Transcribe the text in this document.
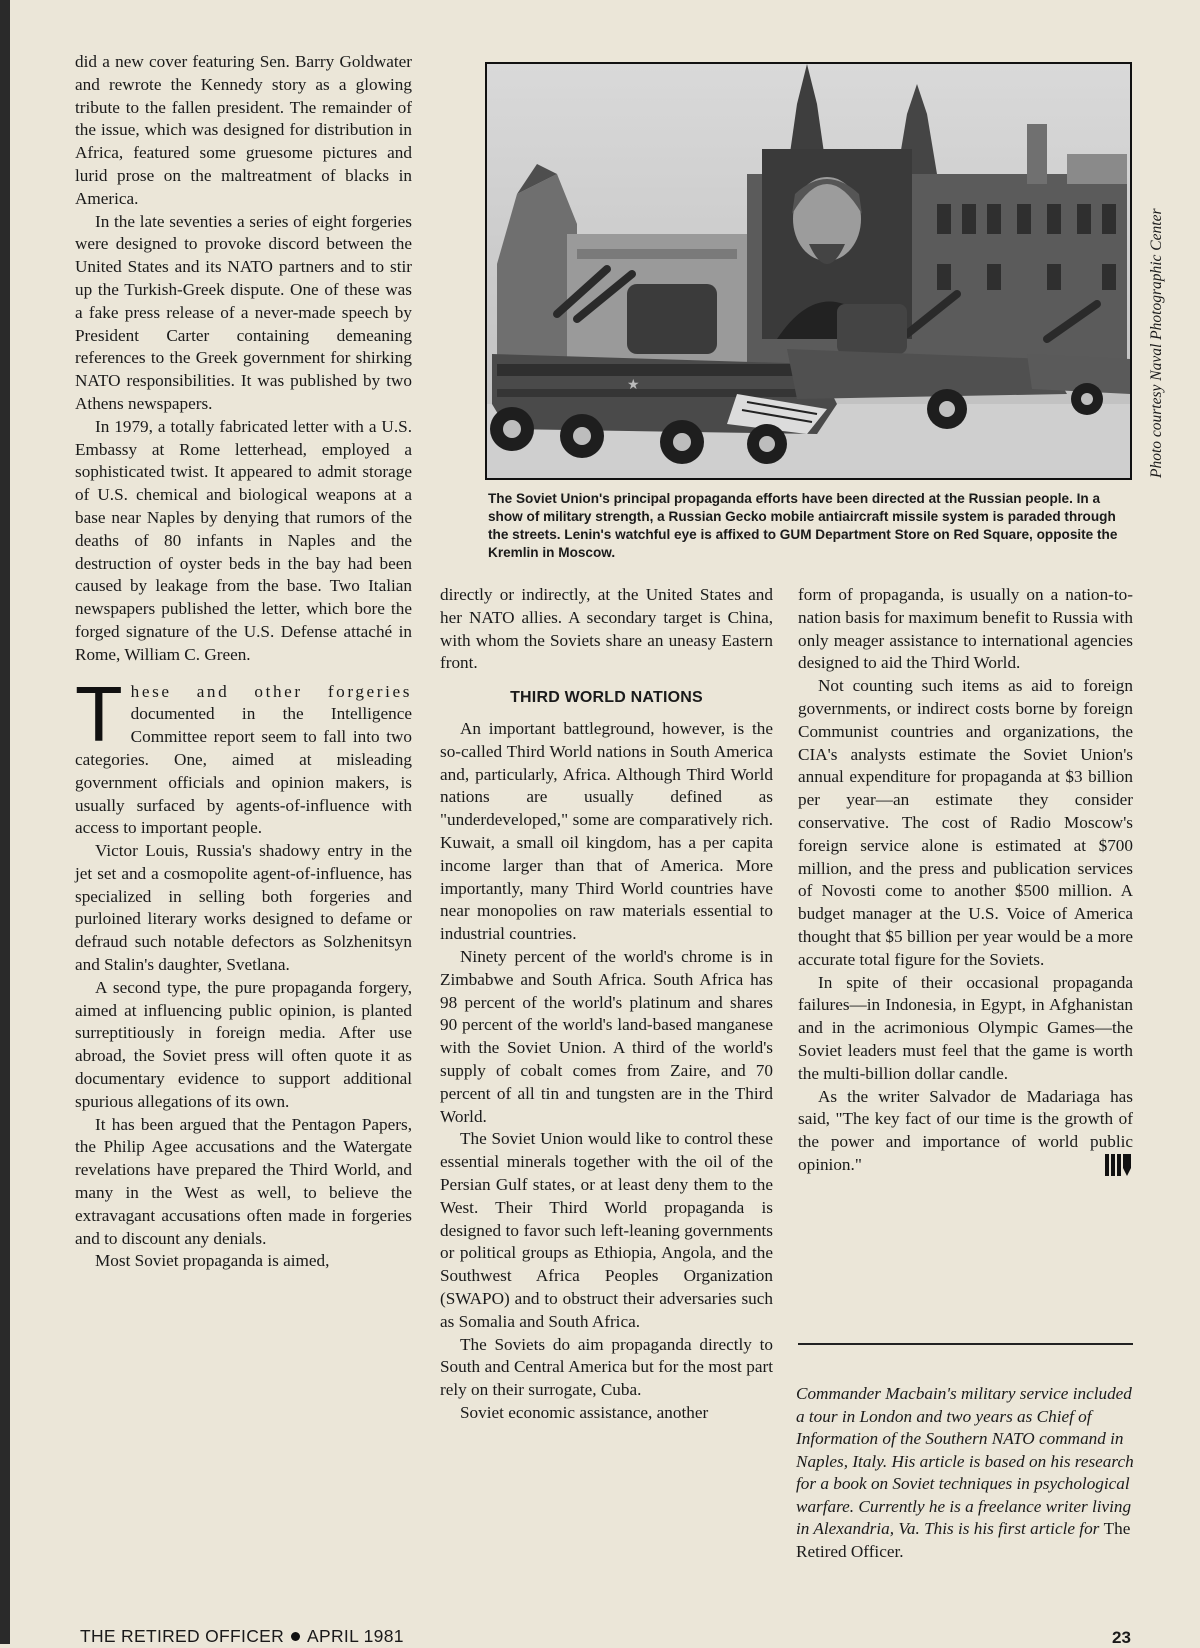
did a new cover featuring Sen. Barry Goldwater and rewrote the Kennedy story as a glowing tribute to the fallen president. The remainder of the issue, which was designed for distribution in Africa, featured some gruesome pictures and lurid prose on the maltreatment of blacks in America.

In the late seventies a series of eight forgeries were designed to provoke discord between the United States and its NATO partners and to stir up the Turkish-Greek dispute. One of these was a fake press release of a never-made speech by President Carter containing demeaning references to the Greek government for shirking NATO responsibilities. It was published by two Athens newspapers.

In 1979, a totally fabricated letter with a U.S. Embassy at Rome letterhead, employed a sophisticated twist. It appeared to admit storage of U.S. chemical and biological weapons at a base near Naples by denying that rumors of the deaths of 80 infants in Naples and the destruction of oyster beds in the bay had been caused by leakage from the base. Two Italian newspapers published the letter, which bore the forged signature of the U.S. Defense attaché in Rome, William C. Green.

These and other forgeries documented in the Intelligence Committee report seem to fall into two categories. One, aimed at misleading government officials and opinion makers, is usually surfaced by agents-of-influence with access to important people.

Victor Louis, Russia's shadowy entry in the jet set and a cosmopolite agent-of-influence, has specialized in selling both forgeries and purloined literary works designed to defame or defraud such notable defectors as Solzhenitsyn and Stalin's daughter, Svetlana.

A second type, the pure propaganda forgery, aimed at influencing public opinion, is planted surreptitiously in foreign media. After use abroad, the Soviet press will often quote it as documentary evidence to support additional spurious allegations of its own.

It has been argued that the Pentagon Papers, the Philip Agee accusations and the Watergate revelations have prepared the Third World, and many in the West as well, to believe the extravagant accusations often made in forgeries and to discount any denials.

Most Soviet propaganda is aimed,

★	Photo courtesy Naval Photographic Center
The Soviet Union's principal propaganda efforts have been directed at the Russian people. In a show of military strength, a Russian Gecko mobile antiaircraft missile system is paraded through the streets. Lenin's watchful eye is affixed to GUM Department Store on Red Square, opposite the Kremlin in Moscow.

directly or indirectly, at the United States and her NATO allies. A secondary target is China, with whom the Soviets share an uneasy Eastern front.

THIRD WORLD NATIONS

An important battleground, however, is the so-called Third World nations in South America and, particularly, Africa. Although Third World nations are usually defined as "underdeveloped," some are comparatively rich. Kuwait, a small oil kingdom, has a per capita income larger than that of America. More importantly, many Third World countries have near monopolies on raw materials essential to industrial countries.

Ninety percent of the world's chrome is in Zimbabwe and South Africa. South Africa has 98 percent of the world's platinum and shares 90 percent of the world's land-based manganese with the Soviet Union. A third of the world's supply of cobalt comes from Zaire, and 70 percent of all tin and tungsten are in the Third World.

The Soviet Union would like to control these essential minerals together with the oil of the Persian Gulf states, or at least deny them to the West. Their Third World propaganda is designed to favor such left-leaning governments or political groups as Ethiopia, Angola, and the Southwest Africa Peoples Organization (SWAPO) and to obstruct their adversaries such as Somalia and South Africa.

The Soviets do aim propaganda directly to South and Central America but for the most part rely on their surrogate, Cuba.

Soviet economic assistance, another

form of propaganda, is usually on a nation-to-nation basis for maximum benefit to Russia with only meager assistance to international agencies designed to aid the Third World.

Not counting such items as aid to foreign governments, or indirect costs borne by foreign Communist countries and organizations, the CIA's analysts estimate the Soviet Union's annual expenditure for propaganda at $3 billion per year—an estimate they consider conservative. The cost of Radio Moscow's foreign service alone is estimated at $700 million, and the press and publication services of Novosti come to another $500 million. A budget manager at the U.S. Voice of America thought that $5 billion per year would be a more accurate total figure for the Soviets.

In spite of their occasional propaganda failures—in Indonesia, in Egypt, in Afghanistan and in the acrimonious Olympic Games—the Soviet leaders must feel that the game is worth the multi-billion dollar candle.

As the writer Salvador de Madariaga has said, "The key fact of our time is the growth of the power and importance of world public opinion."

Commander Macbain's military service included a tour in London and two years as Chief of Information of the Southern NATO command in Naples, Italy. His article is based on his research for a book on Soviet techniques in psychological warfare. Currently he is a freelance writer living in Alexandria, Va. This is his first article for The Retired Officer.
THE RETIRED OFFICER APRIL 1981	23
